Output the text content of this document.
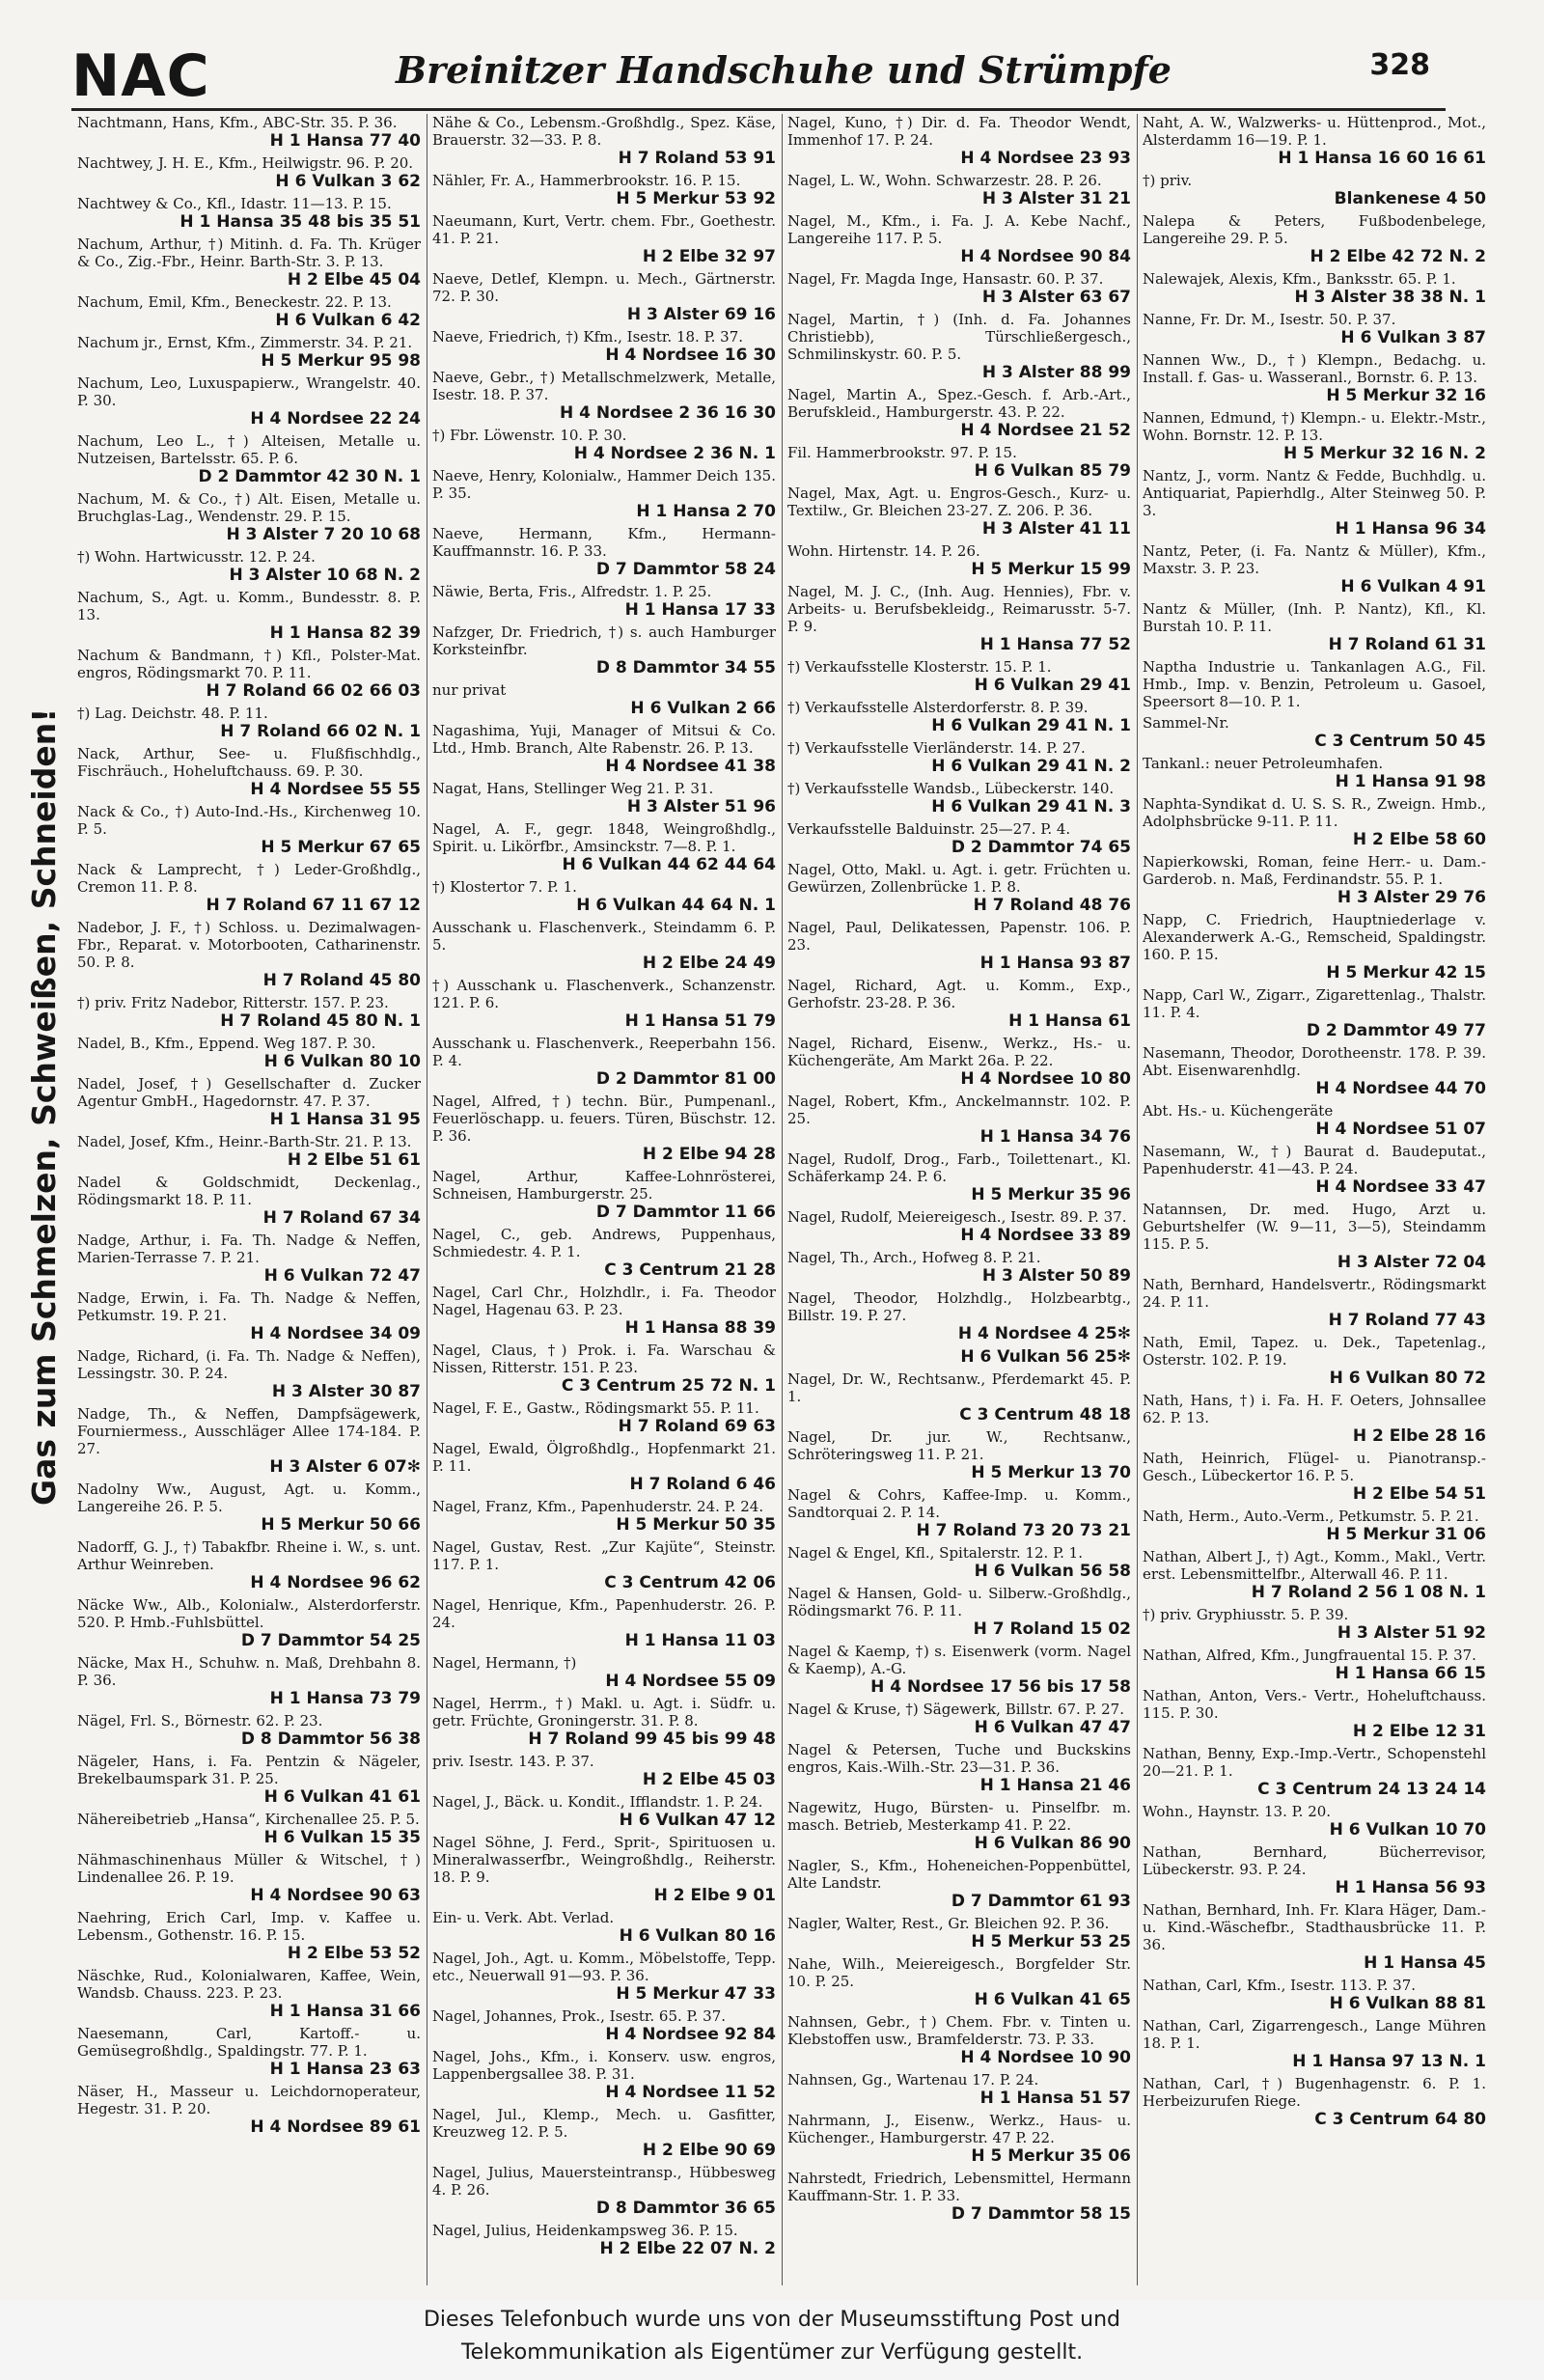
NAC	Breinitzer Handschuhe und Strümpfe	328
Gas zum Schmelzen, Schweißen, Schneiden!
Nachtmann, Hans, Kfm., ABC-Str. 35. P. 36.
H 1 Hansa 77 40
Nachtwey, J. H. E., Kfm., Heilwigstr. 96. P. 20.
H 6 Vulkan 3 62
Nachtwey & Co., Kfl., Idastr. 11—13. P. 15.
H 1 Hansa 35 48 bis 35 51
Nachum, Arthur, †) Mitinh. d. Fa. Th. Krüger & Co., Zig.-Fbr., Heinr. Barth-Str. 3. P. 13.
H 2 Elbe 45 04
Nachum, Emil, Kfm., Beneckestr. 22. P. 13.
H 6 Vulkan 6 42
Nachum jr., Ernst, Kfm., Zimmerstr. 34. P. 21.
H 5 Merkur 95 98
Nachum, Leo, Luxuspapierw., Wrangelstr. 40. P. 30.
H 4 Nordsee 22 24
Nachum, Leo L., †) Alteisen, Metalle u. Nutzeisen, Bartelsstr. 65. P. 6.
D 2 Dammtor 42 30 N. 1
Nachum, M. & Co., †) Alt. Eisen, Metalle u. Bruchglas-Lag., Wendenstr. 29. P. 15.
H 3 Alster 7 20 10 68
†) Wohn. Hartwicusstr. 12. P. 24.
H 3 Alster 10 68 N. 2
Nachum, S., Agt. u. Komm., Bundesstr. 8. P. 13.
H 1 Hansa 82 39
Nachum & Bandmann, †) Kfl., Polster-Mat. engros, Rödingsmarkt 70. P. 11.
H 7 Roland 66 02 66 03
†) Lag. Deichstr. 48. P. 11.
H 7 Roland 66 02 N. 1
Nack, Arthur, See- u. Flußfischhdlg., Fischräuch., Hoheluftchauss. 69. P. 30.
H 4 Nordsee 55 55
Nack & Co., †) Auto-Ind.-Hs., Kirchenweg 10. P. 5.
H 5 Merkur 67 65
Nack & Lamprecht, †) Leder-Großhdlg., Cremon 11. P. 8.
H 7 Roland 67 11 67 12
Nadebor, J. F., †) Schloss. u. Dezimalwagen-Fbr., Reparat. v. Motorbooten, Catharinenstr. 50. P. 8.
H 7 Roland 45 80
†) priv. Fritz Nadebor, Ritterstr. 157. P. 23.
H 7 Roland 45 80 N. 1
Nadel, B., Kfm., Eppend. Weg 187. P. 30.
H 6 Vulkan 80 10
Nadel, Josef, †) Gesellschafter d. Zucker Agentur GmbH., Hagedornstr. 47. P. 37.
H 1 Hansa 31 95
Nadel, Josef, Kfm., Heinr.-Barth-Str. 21. P. 13.
H 2 Elbe 51 61
Nadel & Goldschmidt, Deckenlag., Rödingsmarkt 18. P. 11.
H 7 Roland 67 34
Nadge, Arthur, i. Fa. Th. Nadge & Neffen, Marien-Terrasse 7. P. 21.
H 6 Vulkan 72 47
Nadge, Erwin, i. Fa. Th. Nadge & Neffen, Petkumstr. 19. P. 21.
H 4 Nordsee 34 09
Nadge, Richard, (i. Fa. Th. Nadge & Neffen), Lessingstr. 30. P. 24.
H 3 Alster 30 87
Nadge, Th., & Neffen, Dampfsägewerk, Fourniermess., Ausschläger Allee 174-184. P. 27.
H 3 Alster 6 07✻
Nadolny Ww., August, Agt. u. Komm., Langereihe 26. P. 5.
H 5 Merkur 50 66
Nadorff, G. J., †) Tabakfbr. Rheine i. W., s. unt. Arthur Weinreben.
H 4 Nordsee 96 62
Näcke Ww., Alb., Kolonialw., Alsterdorferstr. 520. P. Hmb.-Fuhlsbüttel.
D 7 Dammtor 54 25
Näcke, Max H., Schuhw. n. Maß, Drehbahn 8. P. 36.
H 1 Hansa 73 79
Nägel, Frl. S., Börnestr. 62. P. 23.
D 8 Dammtor 56 38
Nägeler, Hans, i. Fa. Pentzin & Nägeler, Brekelbaumspark 31. P. 25.
H 6 Vulkan 41 61
Nähereibetrieb „Hansa“, Kirchenallee 25. P. 5.
H 6 Vulkan 15 35
Nähmaschinenhaus Müller & Witschel, †) Lindenallee 26. P. 19.
H 4 Nordsee 90 63
Naehring, Erich Carl, Imp. v. Kaffee u. Lebensm., Gothenstr. 16. P. 15.
H 2 Elbe 53 52
Näschke, Rud., Kolonialwaren, Kaffee, Wein, Wandsb. Chauss. 223. P. 23.
H 1 Hansa 31 66
Naesemann, Carl, Kartoff.- u. Gemüsegroßhdlg., Spaldingstr. 77. P. 1.
H 1 Hansa 23 63
Näser, H., Masseur u. Leichdornoperateur, Hegestr. 31. P. 20.
H 4 Nordsee 89 61
Nähe & Co., Lebensm.-Großhdlg., Spez. Käse, Brauerstr. 32—33. P. 8.
H 7 Roland 53 91
Nähler, Fr. A., Hammerbrookstr. 16. P. 15.
H 5 Merkur 53 92
Naeumann, Kurt, Vertr. chem. Fbr., Goethestr. 41. P. 21.
H 2 Elbe 32 97
Naeve, Detlef, Klempn. u. Mech., Gärtnerstr. 72. P. 30.
H 3 Alster 69 16
Naeve, Friedrich, †) Kfm., Isestr. 18. P. 37.
H 4 Nordsee 16 30
Naeve, Gebr., †) Metallschmelzwerk, Metalle, Isestr. 18. P. 37.
H 4 Nordsee 2 36 16 30
†) Fbr. Löwenstr. 10. P. 30.
H 4 Nordsee 2 36 N. 1
Naeve, Henry, Kolonialw., Hammer Deich 135. P. 35.
H 1 Hansa 2 70
Naeve, Hermann, Kfm., Hermann-Kauffmannstr. 16. P. 33.
D 7 Dammtor 58 24
Näwie, Berta, Fris., Alfredstr. 1. P. 25.
H 1 Hansa 17 33
Nafzger, Dr. Friedrich, †) s. auch Hamburger Korksteinfbr.
D 8 Dammtor 34 55
nur privat
H 6 Vulkan 2 66
Nagashima, Yuji, Manager of Mitsui & Co. Ltd., Hmb. Branch, Alte Rabenstr. 26. P. 13.
H 4 Nordsee 41 38
Nagat, Hans, Stellinger Weg 21. P. 31.
H 3 Alster 51 96
Nagel, A. F., gegr. 1848, Weingroßhdlg., Spirit. u. Likörfbr., Amsinckstr. 7—8. P. 1.
H 6 Vulkan 44 62 44 64
†) Klostertor 7. P. 1.
H 6 Vulkan 44 64 N. 1
Ausschank u. Flaschenverk., Steindamm 6. P. 5.
H 2 Elbe 24 49
†) Ausschank u. Flaschenverk., Schanzenstr. 121. P. 6.
H 1 Hansa 51 79
Ausschank u. Flaschenverk., Reeperbahn 156. P. 4.
D 2 Dammtor 81 00
Nagel, Alfred, †) techn. Bür., Pumpenanl., Feuerlöschapp. u. feuers. Türen, Büschstr. 12. P. 36.
H 2 Elbe 94 28
Nagel, Arthur, Kaffee-Lohnrösterei, Schneisen, Hamburgerstr. 25.
D 7 Dammtor 11 66
Nagel, C., geb. Andrews, Puppenhaus, Schmiedestr. 4. P. 1.
C 3 Centrum 21 28
Nagel, Carl Chr., Holzhdlr., i. Fa. Theodor Nagel, Hagenau 63. P. 23.
H 1 Hansa 88 39
Nagel, Claus, †) Prok. i. Fa. Warschau & Nissen, Ritterstr. 151. P. 23.
C 3 Centrum 25 72 N. 1
Nagel, F. E., Gastw., Rödingsmarkt 55. P. 11.
H 7 Roland 69 63
Nagel, Ewald, Ölgroßhdlg., Hopfenmarkt 21. P. 11.
H 7 Roland 6 46
Nagel, Franz, Kfm., Papenhuderstr. 24. P. 24.
H 5 Merkur 50 35
Nagel, Gustav, Rest. „Zur Kajüte“, Steinstr. 117. P. 1.
C 3 Centrum 42 06
Nagel, Henrique, Kfm., Papenhuderstr. 26. P. 24.
H 1 Hansa 11 03
Nagel, Hermann, †)
H 4 Nordsee 55 09
Nagel, Herrm., †) Makl. u. Agt. i. Südfr. u. getr. Früchte, Groningerstr. 31. P. 8.
H 7 Roland 99 45 bis 99 48
priv. Isestr. 143. P. 37.
H 2 Elbe 45 03
Nagel, J., Bäck. u. Kondit., Ifflandstr. 1. P. 24.
H 6 Vulkan 47 12
Nagel Söhne, J. Ferd., Sprit-, Spirituosen u. Mineralwasserfbr., Weingroßhdlg., Reiherstr. 18. P. 9.
H 2 Elbe 9 01
Ein- u. Verk. Abt. Verlad.
H 6 Vulkan 80 16
Nagel, Joh., Agt. u. Komm., Möbelstoffe, Tepp. etc., Neuerwall 91—93. P. 36.
H 5 Merkur 47 33
Nagel, Johannes, Prok., Isestr. 65. P. 37.
H 4 Nordsee 92 84
Nagel, Johs., Kfm., i. Konserv. usw. engros, Lappenbergsallee 38. P. 31.
H 4 Nordsee 11 52
Nagel, Jul., Klemp., Mech. u. Gasfitter, Kreuzweg 12. P. 5.
H 2 Elbe 90 69
Nagel, Julius, Mauersteintransp., Hübbesweg 4. P. 26.
D 8 Dammtor 36 65
Nagel, Julius, Heidenkampsweg 36. P. 15.
H 2 Elbe 22 07 N. 2
Nagel, Kuno, †) Dir. d. Fa. Theodor Wendt, Immenhof 17. P. 24.
H 4 Nordsee 23 93
Nagel, L. W., Wohn. Schwarzestr. 28. P. 26.
H 3 Alster 31 21
Nagel, M., Kfm., i. Fa. J. A. Kebe Nachf., Langereihe 117. P. 5.
H 4 Nordsee 90 84
Nagel, Fr. Magda Inge, Hansastr. 60. P. 37.
H 3 Alster 63 67
Nagel, Martin, †) (Inh. d. Fa. Johannes Christiebb), Türschließergesch., Schmilinskystr. 60. P. 5.
H 3 Alster 88 99
Nagel, Martin A., Spez.-Gesch. f. Arb.-Art., Berufskleid., Hamburgerstr. 43. P. 22.
H 4 Nordsee 21 52
Fil. Hammerbrookstr. 97. P. 15.
H 6 Vulkan 85 79
Nagel, Max, Agt. u. Engros-Gesch., Kurz- u. Textilw., Gr. Bleichen 23-27. Z. 206. P. 36.
H 3 Alster 41 11
Wohn. Hirtenstr. 14. P. 26.
H 5 Merkur 15 99
Nagel, M. J. C., (Inh. Aug. Hennies), Fbr. v. Arbeits- u. Berufsbekleidg., Reimarusstr. 5-7. P. 9.
H 1 Hansa 77 52
†) Verkaufsstelle Klosterstr. 15. P. 1.
H 6 Vulkan 29 41
†) Verkaufsstelle Alsterdorferstr. 8. P. 39.
H 6 Vulkan 29 41 N. 1
†) Verkaufsstelle Vierländerstr. 14. P. 27.
H 6 Vulkan 29 41 N. 2
†) Verkaufsstelle Wandsb., Lübeckerstr. 140.
H 6 Vulkan 29 41 N. 3
Verkaufsstelle Balduinstr. 25—27. P. 4.
D 2 Dammtor 74 65
Nagel, Otto, Makl. u. Agt. i. getr. Früchten u. Gewürzen, Zollenbrücke 1. P. 8.
H 7 Roland 48 76
Nagel, Paul, Delikatessen, Papenstr. 106. P. 23.
H 1 Hansa 93 87
Nagel, Richard, Agt. u. Komm., Exp., Gerhofstr. 23-28. P. 36.
H 1 Hansa 61
Nagel, Richard, Eisenw., Werkz., Hs.- u. Küchengeräte, Am Markt 26a. P. 22.
H 4 Nordsee 10 80
Nagel, Robert, Kfm., Anckelmannstr. 102. P. 25.
H 1 Hansa 34 76
Nagel, Rudolf, Drog., Farb., Toilettenart., Kl. Schäferkamp 24. P. 6.
H 5 Merkur 35 96
Nagel, Rudolf, Meiereigesch., Isestr. 89. P. 37.
H 4 Nordsee 33 89
Nagel, Th., Arch., Hofweg 8. P. 21.
H 3 Alster 50 89
Nagel, Theodor, Holzhdlg., Holzbearbtg., Billstr. 19. P. 27.
H 4 Nordsee 4 25✻
H 6 Vulkan 56 25✻
Nagel, Dr. W., Rechtsanw., Pferdemarkt 45. P. 1.
C 3 Centrum 48 18
Nagel, Dr. jur. W., Rechtsanw., Schröteringsweg 11. P. 21.
H 5 Merkur 13 70
Nagel & Cohrs, Kaffee-Imp. u. Komm., Sandtorquai 2. P. 14.
H 7 Roland 73 20 73 21
Nagel & Engel, Kfl., Spitalerstr. 12. P. 1.
H 6 Vulkan 56 58
Nagel & Hansen, Gold- u. Silberw.-Großhdlg., Rödingsmarkt 76. P. 11.
H 7 Roland 15 02
Nagel & Kaemp, †) s. Eisenwerk (vorm. Nagel & Kaemp), A.-G.
H 4 Nordsee 17 56 bis 17 58
Nagel & Kruse, †) Sägewerk, Billstr. 67. P. 27.
H 6 Vulkan 47 47
Nagel & Petersen, Tuche und Buckskins engros, Kais.-Wilh.-Str. 23—31. P. 36.
H 1 Hansa 21 46
Nagewitz, Hugo, Bürsten- u. Pinselfbr. m. masch. Betrieb, Mesterkamp 41. P. 22.
H 6 Vulkan 86 90
Nagler, S., Kfm., Hoheneichen-Poppenbüttel, Alte Landstr.
D 7 Dammtor 61 93
Nagler, Walter, Rest., Gr. Bleichen 92. P. 36.
H 5 Merkur 53 25
Nahe, Wilh., Meiereigesch., Borgfelder Str. 10. P. 25.
H 6 Vulkan 41 65
Nahnsen, Gebr., †) Chem. Fbr. v. Tinten u. Klebstoffen usw., Bramfelderstr. 73. P. 33.
H 4 Nordsee 10 90
Nahnsen, Gg., Wartenau 17. P. 24.
H 1 Hansa 51 57
Nahrmann, J., Eisenw., Werkz., Haus- u. Küchenger., Hamburgerstr. 47 P. 22.
H 5 Merkur 35 06
Nahrstedt, Friedrich, Lebensmittel, Hermann Kauffmann-Str. 1. P. 33.
D 7 Dammtor 58 15
Naht, A. W., Walzwerks- u. Hüttenprod., Mot., Alsterdamm 16—19. P. 1.
H 1 Hansa 16 60 16 61
†) priv.
Blankenese 4 50
Nalepa & Peters, Fußbodenbelege, Langereihe 29. P. 5.
H 2 Elbe 42 72 N. 2
Nalewajek, Alexis, Kfm., Banksstr. 65. P. 1.
H 3 Alster 38 38 N. 1
Nanne, Fr. Dr. M., Isestr. 50. P. 37.
H 6 Vulkan 3 87
Nannen Ww., D., †) Klempn., Bedachg. u. Install. f. Gas- u. Wasseranl., Bornstr. 6. P. 13.
H 5 Merkur 32 16
Nannen, Edmund, †) Klempn.- u. Elektr.-Mstr., Wohn. Bornstr. 12. P. 13.
H 5 Merkur 32 16 N. 2
Nantz, J., vorm. Nantz & Fedde, Buchhdlg. u. Antiquariat, Papierhdlg., Alter Steinweg 50. P. 3.
H 1 Hansa 96 34
Nantz, Peter, (i. Fa. Nantz & Müller), Kfm., Maxstr. 3. P. 23.
H 6 Vulkan 4 91
Nantz & Müller, (Inh. P. Nantz), Kfl., Kl. Burstah 10. P. 11.
H 7 Roland 61 31
Naptha Industrie u. Tankanlagen A.G., Fil. Hmb., Imp. v. Benzin, Petroleum u. Gasoel, Speersort 8—10. P. 1.
Sammel-Nr.
C 3 Centrum 50 45
Tankanl.: neuer Petroleumhafen.
H 1 Hansa 91 98
Naphta-Syndikat d. U. S. S. R., Zweign. Hmb., Adolphsbrücke 9-11. P. 11.
H 2 Elbe 58 60
Napierkowski, Roman, feine Herr.- u. Dam.-Garderob. n. Maß, Ferdinandstr. 55. P. 1.
H 3 Alster 29 76
Napp, C. Friedrich, Hauptniederlage v. Alexanderwerk A.-G., Remscheid, Spaldingstr. 160. P. 15.
H 5 Merkur 42 15
Napp, Carl W., Zigarr., Zigarettenlag., Thalstr. 11. P. 4.
D 2 Dammtor 49 77
Nasemann, Theodor, Dorotheenstr. 178. P. 39. Abt. Eisenwarenhdlg.
H 4 Nordsee 44 70
Abt. Hs.- u. Küchengeräte
H 4 Nordsee 51 07
Nasemann, W., †) Baurat d. Baudeputat., Papenhuderstr. 41—43. P. 24.
H 4 Nordsee 33 47
Natannsen, Dr. med. Hugo, Arzt u. Geburtshelfer (W. 9—11, 3—5), Steindamm 115. P. 5.
H 3 Alster 72 04
Nath, Bernhard, Handelsvertr., Rödingsmarkt 24. P. 11.
H 7 Roland 77 43
Nath, Emil, Tapez. u. Dek., Tapetenlag., Osterstr. 102. P. 19.
H 6 Vulkan 80 72
Nath, Hans, †) i. Fa. H. F. Oeters, Johnsallee 62. P. 13.
H 2 Elbe 28 16
Nath, Heinrich, Flügel- u. Pianotransp.-Gesch., Lübeckertor 16. P. 5.
H 2 Elbe 54 51
Nath, Herm., Auto.-Verm., Petkumstr. 5. P. 21.
H 5 Merkur 31 06
Nathan, Albert J., †) Agt., Komm., Makl., Vertr. erst. Lebensmittelfbr., Alterwall 46. P. 11.
H 7 Roland 2 56 1 08 N. 1
†) priv. Gryphiusstr. 5. P. 39.
H 3 Alster 51 92
Nathan, Alfred, Kfm., Jungfrauental 15. P. 37.
H 1 Hansa 66 15
Nathan, Anton, Vers.- Vertr., Hoheluftchauss. 115. P. 30.
H 2 Elbe 12 31
Nathan, Benny, Exp.-Imp.-Vertr., Schopenstehl 20—21. P. 1.
C 3 Centrum 24 13 24 14
Wohn., Haynstr. 13. P. 20.
H 6 Vulkan 10 70
Nathan, Bernhard, Bücherrevisor, Lübeckerstr. 93. P. 24.
H 1 Hansa 56 93
Nathan, Bernhard, Inh. Fr. Klara Häger, Dam.- u. Kind.-Wäschefbr., Stadthausbrücke 11. P. 36.
H 1 Hansa 45
Nathan, Carl, Kfm., Isestr. 113. P. 37.
H 6 Vulkan 88 81
Nathan, Carl, Zigarrengesch., Lange Mühren 18. P. 1.
H 1 Hansa 97 13 N. 1
Nathan, Carl, †) Bugenhagenstr. 6. P. 1. Herbeizurufen Riege.
C 3 Centrum 64 80
Dieses Telefonbuch wurde uns von der Museumsstiftung Post und
Telekommunikation als Eigentümer zur Verfügung gestellt.
